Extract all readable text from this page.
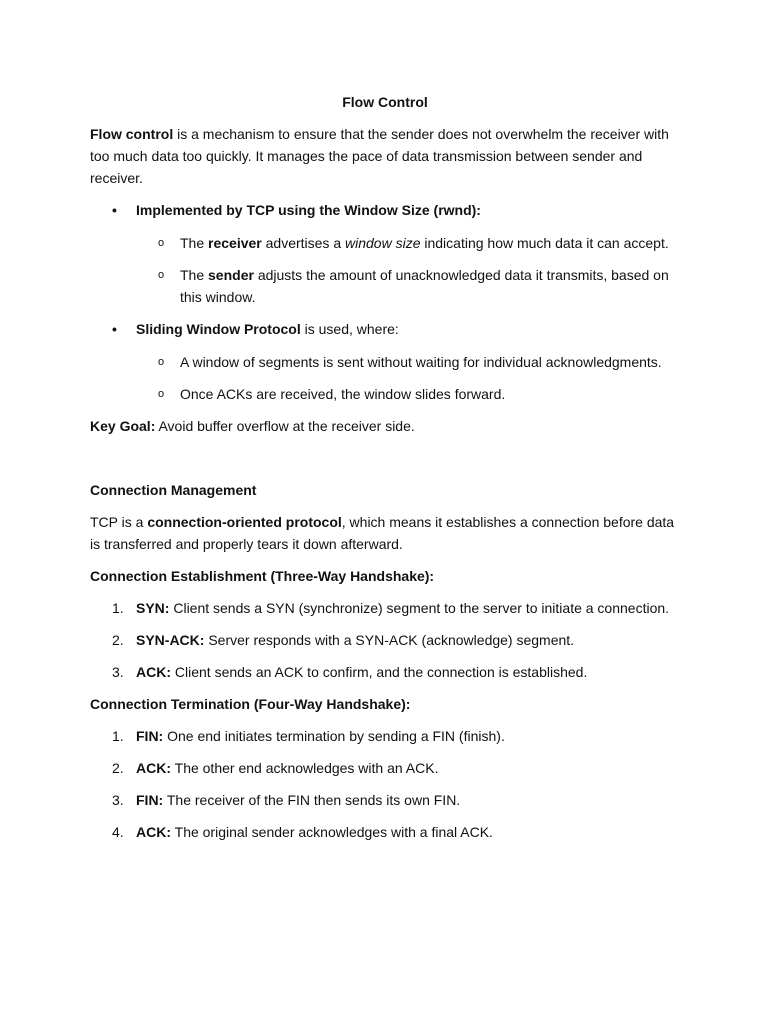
Flow Control

Flow control is a mechanism to ensure that the sender does not overwhelm the receiver with too much data too quickly. It manages the pace of data transmission between sender and receiver.

• Implemented by TCP using the Window Size (rwnd):
o The receiver advertises a window size indicating how much data it can accept.
o The sender adjusts the amount of unacknowledged data it transmits, based on this window.
• Sliding Window Protocol is used, where:
o A window of segments is sent without waiting for individual acknowledgments.
o Once ACKs are received, the window slides forward.

Key Goal: Avoid buffer overflow at the receiver side.

Connection Management

TCP is a connection-oriented protocol, which means it establishes a connection before data is transferred and properly tears it down afterward.

Connection Establishment (Three-Way Handshake):

1. SYN: Client sends a SYN (synchronize) segment to the server to initiate a connection.
2. SYN-ACK: Server responds with a SYN-ACK (acknowledge) segment.
3. ACK: Client sends an ACK to confirm, and the connection is established.

Connection Termination (Four-Way Handshake):

1. FIN: One end initiates termination by sending a FIN (finish).
2. ACK: The other end acknowledges with an ACK.
3. FIN: The receiver of the FIN then sends its own FIN.
4. ACK: The original sender acknowledges with a final ACK.
